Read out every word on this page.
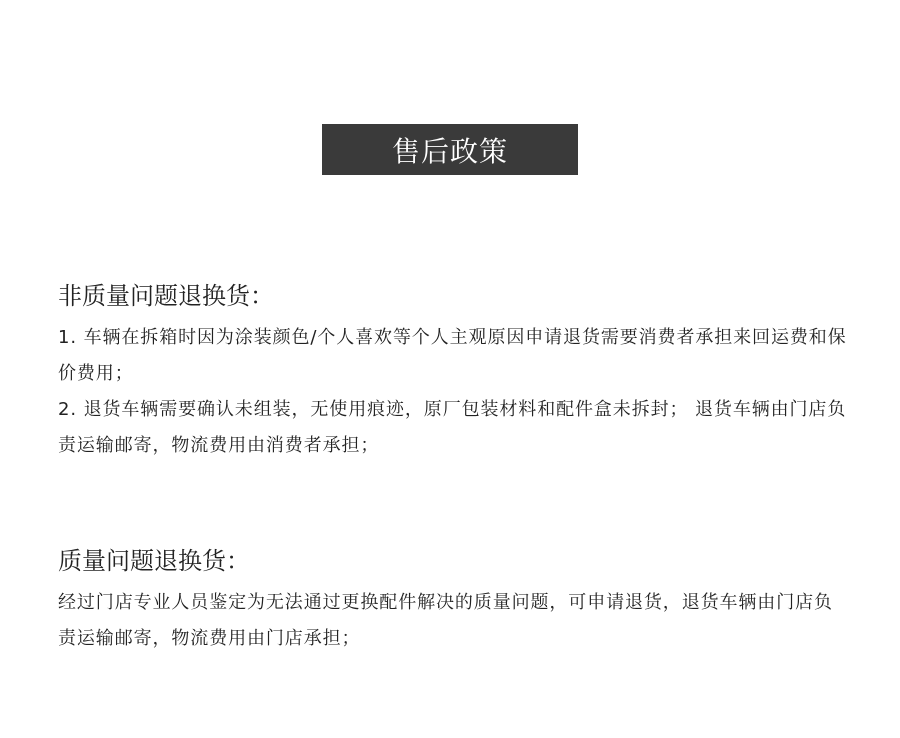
售后政策
非质量问题退换货：

1. 车辆在拆箱时因为涂装颜色/个人喜欢等个人主观原因申请退货需要消费者承担来回运费和保价费用；

2. 退货车辆需要确认未组装，无使用痕迹，原厂包装材料和配件盒未拆封； 退货车辆由门店负责运输邮寄，物流费用由消费者承担；

质量问题退换货：

经过门店专业人员鉴定为无法通过更换配件解决的质量问题，可申请退货，退货车辆由门店负责运输邮寄，物流费用由门店承担；
